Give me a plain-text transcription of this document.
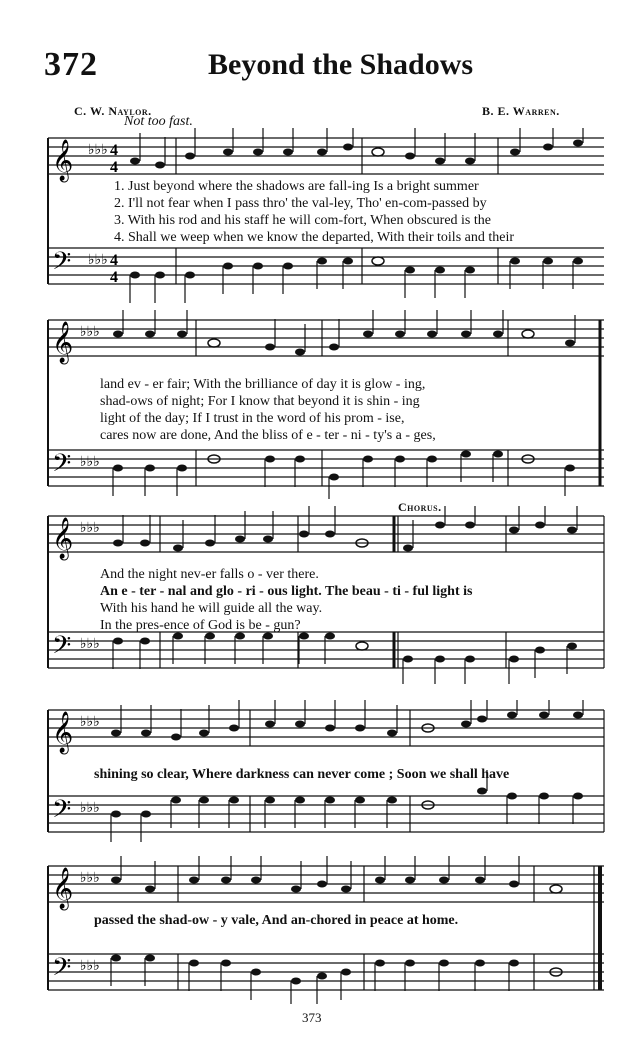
372	Beyond the Shadows
C. W. Naylor.	B. E. Warren.
Not too fast.
𝄞
𝄢
♭♭♭
♭♭♭
4
4
4
4
1. Just beyond where the shadows are fall-ing Is a bright summer
2. I'll not fear when I pass thro' the val-ley, Tho' en-com-passed by
3. With his rod and his staff he will com-fort, When obscured is the
4. Shall we weep when we know the departed, With their toils and their
𝄞
𝄢
♭♭♭
♭♭♭
land ev - er fair; With the brilliance of day it is glow - ing,
shad-ows of night; For I know that beyond it is shin - ing
light of the day; If I trust in the word of his prom - ise,
cares now are done, And the bliss of e - ter - ni - ty's a - ges,
Chorus.
𝄞
𝄢
♭♭♭
♭♭♭
And the night nev-er falls o - ver there.
An e - ter - nal and glo - ri - ous light. The beau - ti - ful light is
With his hand he will guide all the way.
In the pres-ence of God is be - gun?
𝄞
𝄢
♭♭♭
♭♭♭
shining so clear, Where darkness can never come ; Soon we shall have
𝄞
𝄢
♭♭♭
♭♭♭
passed the shad-ow - y vale, And an-chored in peace at home.
373
